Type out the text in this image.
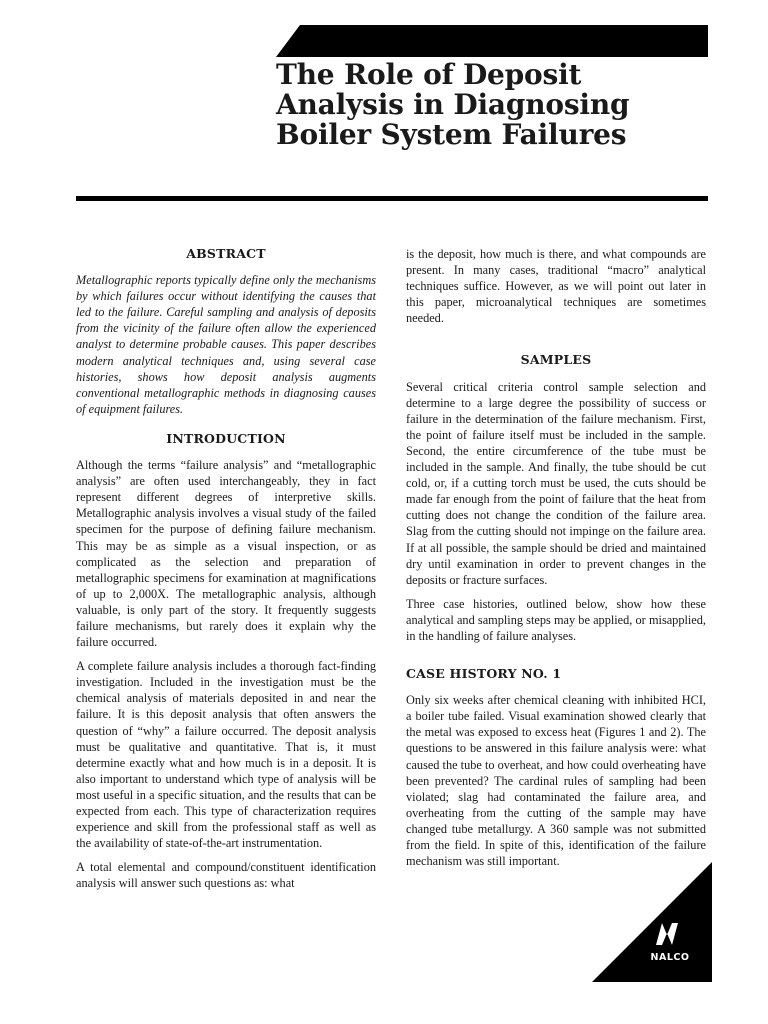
The Role of Deposit Analysis in Diagnosing Boiler System Failures
ABSTRACT

Metallographic reports typically define only the mechanisms by which failures occur without identifying the causes that led to the failure. Careful sampling and analysis of deposits from the vicinity of the failure often allow the experienced analyst to determine probable causes. This paper describes modern analytical techniques and, using several case histories, shows how deposit analysis augments conventional metallographic methods in diagnosing causes of equipment failures.

INTRODUCTION

Although the terms “failure analysis” and “metallographic analysis” are often used interchangeably, they in fact represent different degrees of interpretive skills. Metallographic analysis involves a visual study of the failed specimen for the purpose of defining failure mechanism. This may be as simple as a visual inspection, or as complicated as the selection and preparation of metallographic specimens for examination at magnifications of up to 2,000X. The metallographic analysis, although valuable, is only part of the story. It frequently suggests failure mechanisms, but rarely does it explain why the failure occurred.

A complete failure analysis includes a thorough fact-finding investigation. Included in the investigation must be the chemical analysis of materials deposited in and near the failure. It is this deposit analysis that often answers the question of “why” a failure occurred. The deposit analysis must be qualitative and quantitative. That is, it must determine exactly what and how much is in a deposit. It is also important to understand which type of analysis will be most useful in a specific situation, and the results that can be expected from each. This type of characterization requires experience and skill from the professional staff as well as the availability of state-of-the-art instrumentation.

A total elemental and compound/constituent identification analysis will answer such questions as: what

is the deposit, how much is there, and what compounds are present. In many cases, traditional “macro” analytical techniques suffice. However, as we will point out later in this paper, microanalytical techniques are sometimes needed.

SAMPLES

Several critical criteria control sample selection and determine to a large degree the possibility of success or failure in the determination of the failure mechanism. First, the point of failure itself must be included in the sample. Second, the entire circumference of the tube must be included in the sample. And finally, the tube should be cut cold, or, if a cutting torch must be used, the cuts should be made far enough from the point of failure that the heat from cutting does not change the condition of the failure area. Slag from the cutting should not impinge on the failure area. If at all possible, the sample should be dried and maintained dry until examination in order to prevent changes in the deposits or fracture surfaces.

Three case histories, outlined below, show how these analytical and sampling steps may be applied, or misapplied, in the handling of failure analyses.

CASE HISTORY NO. 1

Only six weeks after chemical cleaning with inhibited HCI, a boiler tube failed. Visual examination showed clearly that the metal was exposed to excess heat (Figures 1 and 2). The questions to be answered in this failure analysis were: what caused the tube to overheat, and how could overheating have been prevented? The cardinal rules of sampling had been violated; slag had contaminated the failure area, and overheating from the cutting of the sample may have changed tube metallurgy. A 360 sample was not submitted from the field. In spite of this, identification of the failure mechanism was still important.

NALCO
